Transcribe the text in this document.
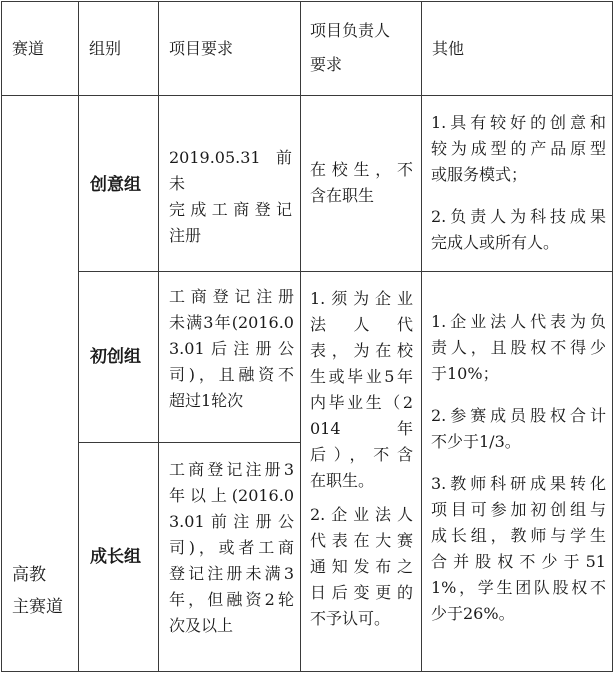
赛道	组别	项目要求
项目负责人
要求
其他
高教
主赛道
创意组
初创组
成长组
2019.05.31前未
完成工商登记
注册
工商登记注册
未满3年(2016.0
3.01后注册公
司)，且融资不
超过1轮次
工商登记注册3
年以上(2016.0
3.01前注册公
司)，或者工商
登记注册未满3
年，但融资2轮
次及以上
在校生，不
含在职生
1.须为企业
法　人　代
表，为在校
生或毕业5年
内毕业生（2
014　　　年
后），不含
在职生。
2.企业法人
代表在大赛
通知发布之
日后变更的
不予认可。
1.具有较好的创意和
较为成型的产品原型
或服务模式；
2.负责人为科技成果
完成人或所有人。
1.企业法人代表为负
责人，且股权不得少
于10%；
2.参赛成员股权合计
不少于1/3。
3.教师科研成果转化
项目可参加初创组与
成长组，教师与学生
合并股权不少于51
1%，学生团队股权不
少于26%。
